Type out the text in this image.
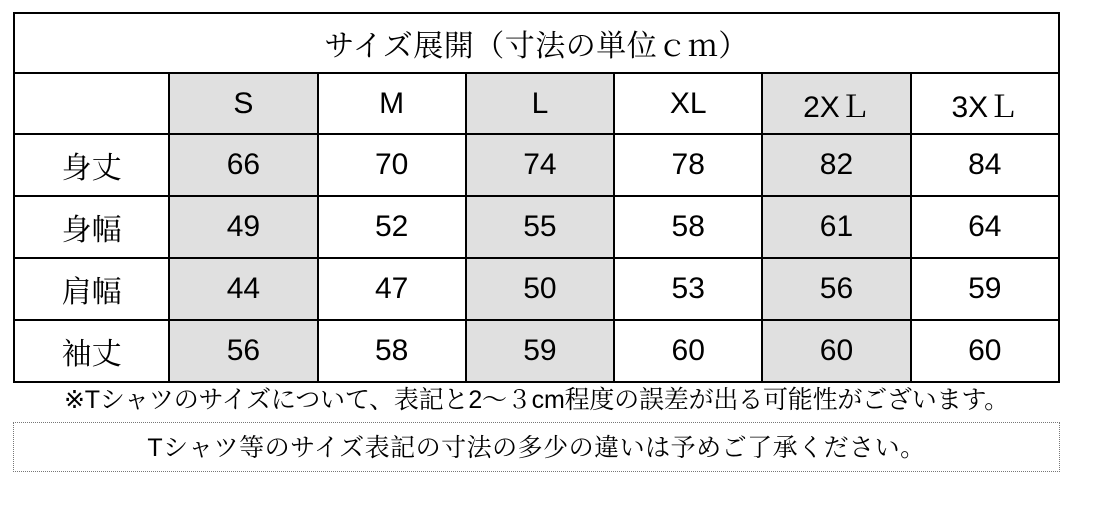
サイズ展開（寸法の単位ｃｍ）						
	S	M	L	XL	2XＬ	3XＬ
身丈	66	70	74	78	82	84
身幅	49	52	55	58	61	64
肩幅	44	47	50	53	56	59
袖丈	56	58	59	60	60	60
※Tシャツのサイズについて、表記と2〜３cm程度の誤差が出る可能性がございます。
Tシャツ等のサイズ表記の寸法の多少の違いは予めご了承ください。
